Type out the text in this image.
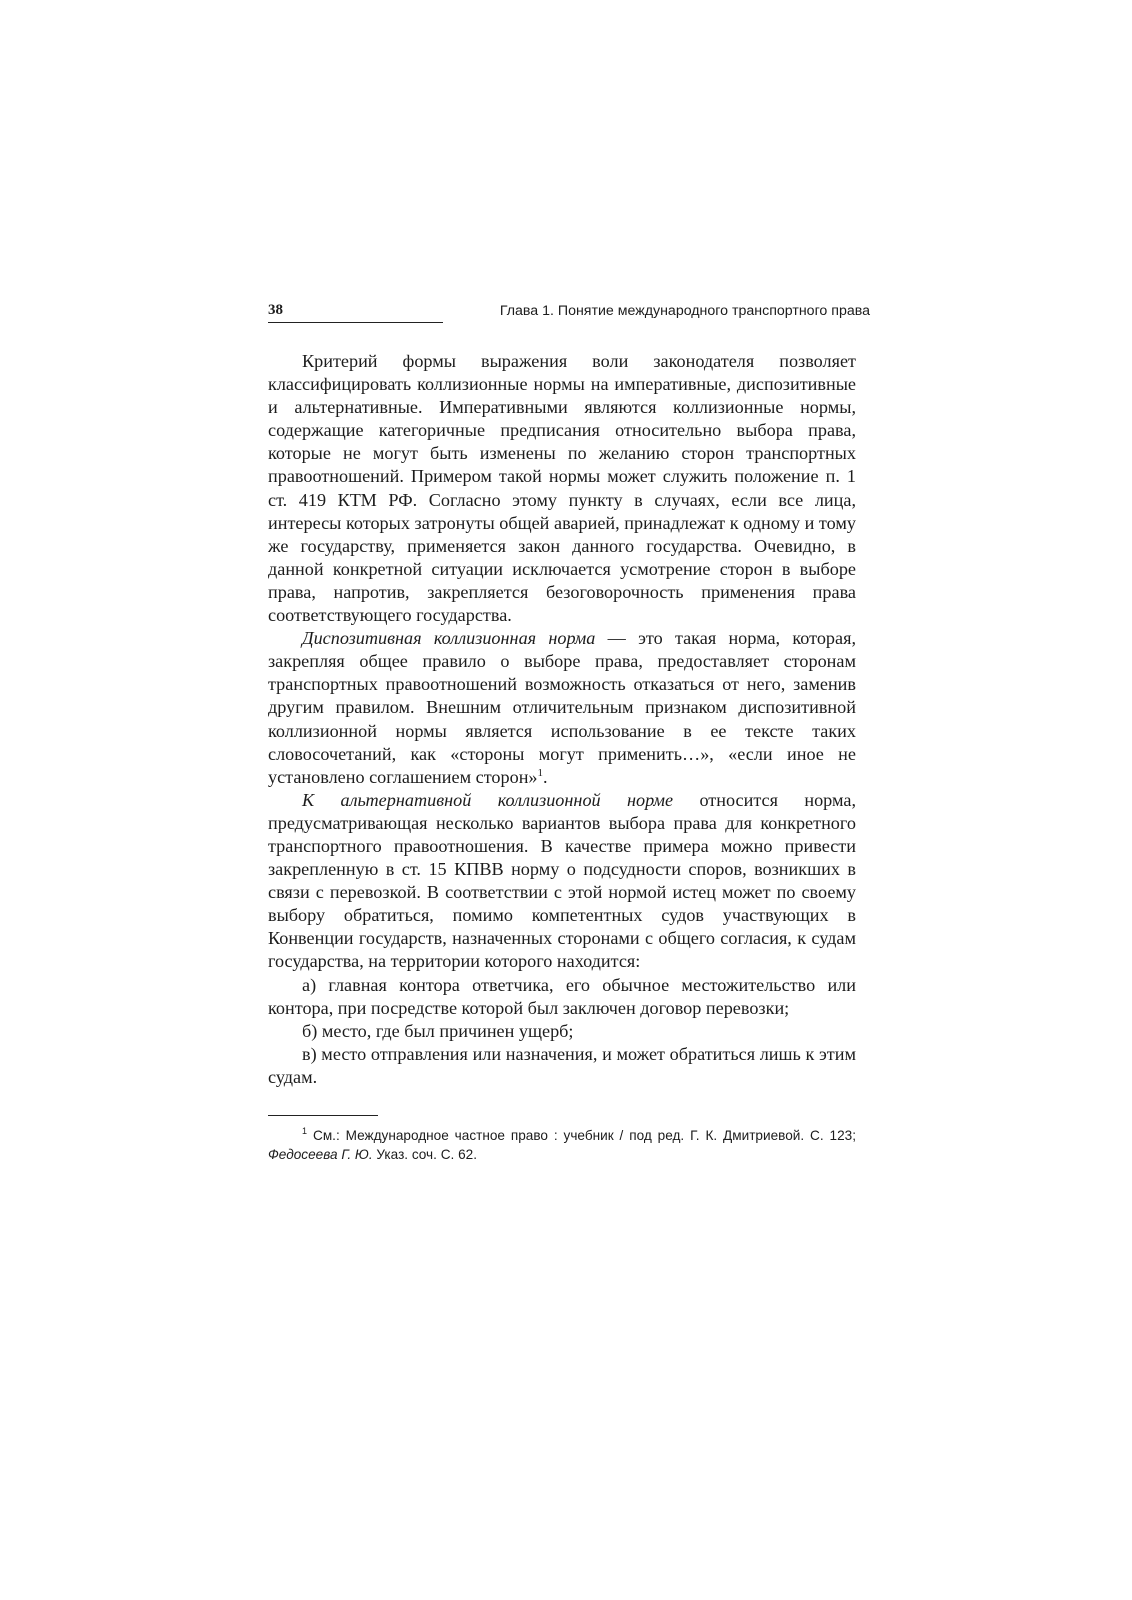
38	Глава 1. Понятие международного транспортного права

Критерий формы выражения воли законодателя позволяет классифицировать коллизионные нормы на императивные, диспозитивные и альтернативные. Императивными являются коллизионные нормы, содержащие категоричные предписания относительно выбора права, которые не могут быть изменены по желанию сторон транспортных правоотношений. Примером такой нормы может служить положение п. 1 ст. 419 КТМ РФ. Согласно этому пункту в случаях, если все лица, интересы которых затронуты общей аварией, принадлежат к одному и тому же государству, применяется закон данного государства. Очевидно, в данной конкретной ситуации исключается усмотрение сторон в выборе права, напротив, закрепляется безоговорочность применения права соответствующего государства.

Диспозитивная коллизионная норма — это такая норма, которая, закрепляя общее правило о выборе права, предоставляет сторонам транспортных правоотношений возможность отказаться от него, заменив другим правилом. Внешним отличительным признаком диспозитивной коллизионной нормы является использование в ее тексте таких словосочетаний, как «стороны могут применить…», «если иное не установлено соглашением сторон»$^1$.

К альтернативной коллизионной норме относится норма, предусматривающая несколько вариантов выбора права для конкретного транспортного правоотношения. В качестве примера можно привести закрепленную в ст. 15 КПВВ норму о подсудности споров, возникших в связи с перевозкой. В соответствии с этой нормой истец может по своему выбору обратиться, помимо компетентных судов участвующих в Конвенции государств, назначенных сторонами с общего согласия, к судам государства, на территории которого находится:

а) главная контора ответчика, его обычное местожительство или контора, при посредстве которой был заключен договор перевозки;

б) место, где был причинен ущерб;

в) место отправления или назначения, и может обратиться лишь к этим судам.

$^1$ См.: Международное частное право : учебник / под ред. Г. К. Дмитриевой. С. 123; Федосеева Г. Ю. Указ. соч. С. 62.
